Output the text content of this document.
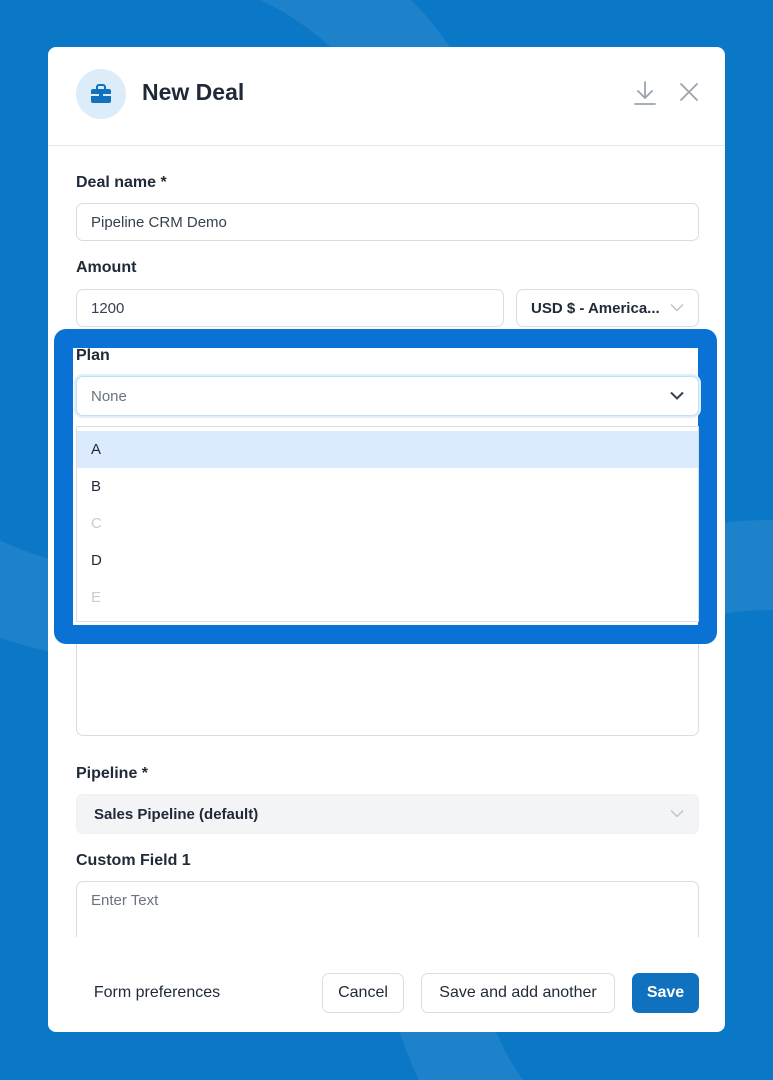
New Deal
Deal name *
Pipeline CRM Demo
Amount
1200	USD $ - America...
Plan
None
A
B
C
D
E
Pipeline *
Sales Pipeline (default)
Custom Field 1
Enter Text
Form preferences	Cancel	Save and add another	Save
